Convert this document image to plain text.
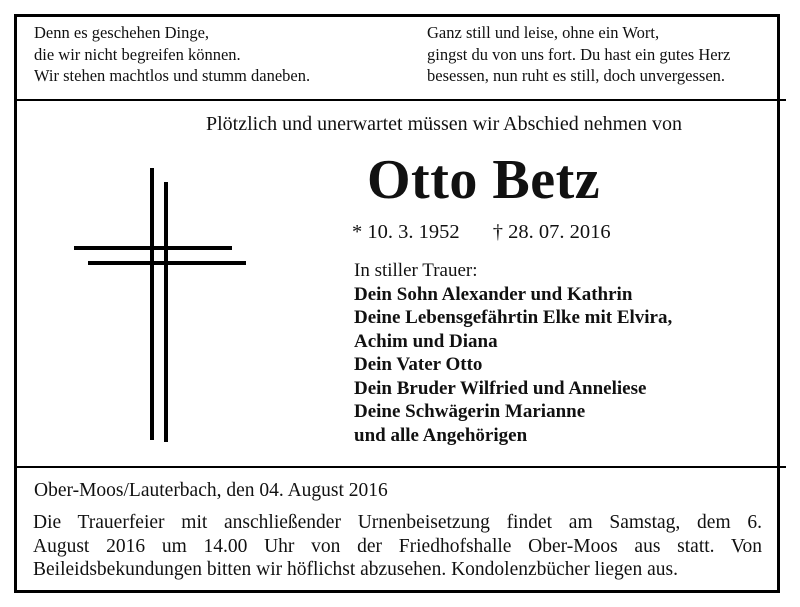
Denn es geschehen Dinge,
die wir nicht begreifen können.
Wir stehen machtlos und stumm daneben.
Ganz still und leise, ohne ein Wort,
gingst du von uns fort. Du hast ein gutes Herz
besessen, nun ruht es still, doch unvergessen.
Plötzlich und unerwartet müssen wir Abschied nehmen von
Otto Betz
* 10. 3. 1952 † 28. 07. 2016
In stiller Trauer:
Dein Sohn Alexander und Kathrin
Deine Lebensgefährtin Elke mit Elvira,
Achim und Diana
Dein Vater Otto
Dein Bruder Wilfried und Anneliese
Deine Schwägerin Marianne
und alle Angehörigen
Ober-Moos/Lauterbach, den 04. August 2016
Die Trauerfeier mit anschließender Urnenbeisetzung findet am Samstag, dem 6.
August 2016 um 14.00 Uhr von der Friedhofshalle Ober-Moos aus statt. Von
Beileidsbekundungen bitten wir höflichst abzusehen. Kondolenzbücher liegen aus.
